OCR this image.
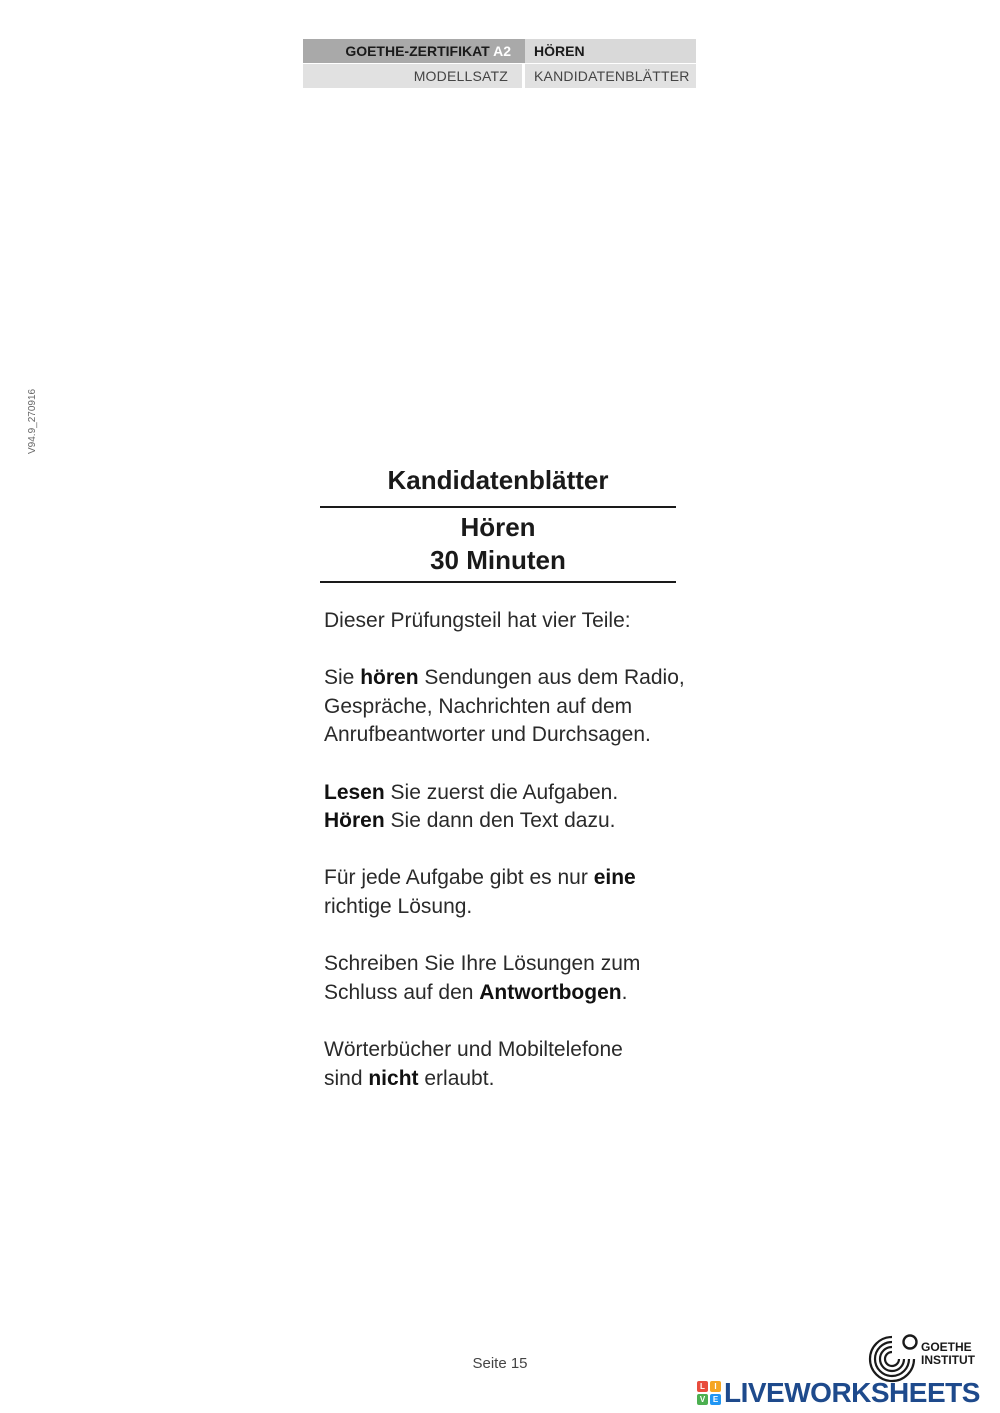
GOETHE-ZERTIFIKAT A2	HÖREN
MODELLSATZ	KANDIDATENBLÄTTER
V94.9_270916
Kandidatenblätter
Hören
30 Minuten

Dieser Prüfungsteil hat vier Teile:

Sie hören Sendungen aus dem Radio,
Gespräche, Nachrichten auf dem
Anrufbeantworter und Durchsagen.

Lesen Sie zuerst die Aufgaben.
Hören Sie dann den Text dazu.

Für jede Aufgabe gibt es nur eine
richtige Lösung.

Schreiben Sie Ihre Lösungen zum
Schluss auf den Antwortbogen.

Wörterbücher und Mobiltelefone
sind nicht erlaubt.

Seite 15
GOETHE
INSTITUT
L	I
V E LIVEWORKSHEETS
